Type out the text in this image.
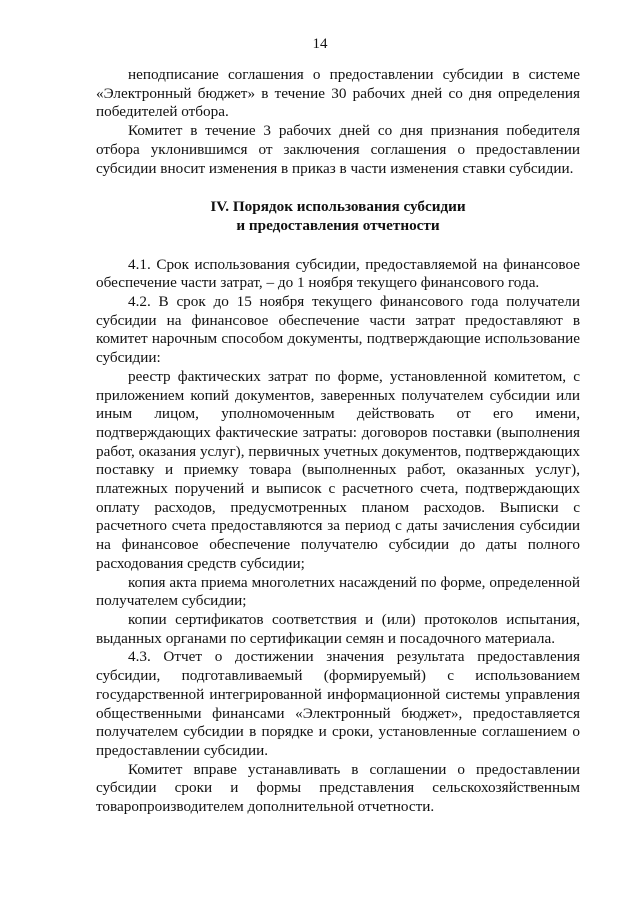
14

неподписание соглашения о предоставлении субсидии в системе «Электронный бюджет» в течение 30 рабочих дней со дня определения победителей отбора.

Комитет в течение 3 рабочих дней со дня признания победителя отбора уклонившимся от заключения соглашения о предоставлении субсидии вносит изменения в приказ в части изменения ставки субсидии.

IV. Порядок использования субсидии
и предоставления отчетности

4.1. Срок использования субсидии, предоставляемой на финансовое обеспечение части затрат, – до 1 ноября текущего финансового года.

4.2. В срок до 15 ноября текущего финансового года получатели субсидии на финансовое обеспечение части затрат предоставляют в комитет нарочным способом документы, подтверждающие использование субсидии:

реестр фактических затрат по форме, установленной комитетом, с приложением копий документов, заверенных получателем субсидии или иным лицом, уполномоченным действовать от его имени, подтверждающих фактические затраты: договоров поставки (выполнения работ, оказания услуг), первичных учетных документов, подтверждающих поставку и приемку товара (выполненных работ, оказанных услуг), платежных поручений и выписок с расчетного счета, подтверждающих оплату расходов, предусмотренных планом расходов. Выписки с расчетного счета предоставляются за период с даты зачисления субсидии на финансовое обеспечение получателю субсидии до даты полного расходования средств субсидии;

копия акта приема многолетних насаждений по форме, определенной получателем субсидии;

копии сертификатов соответствия и (или) протоколов испытания, выданных органами по сертификации семян и посадочного материала.

4.3. Отчет о достижении значения результата предоставления субсидии, подготавливаемый (формируемый) с использованием государственной интегрированной информационной системы управления общественными финансами «Электронный бюджет», предоставляется получателем субсидии в порядке и сроки, установленные соглашением о предоставлении субсидии.

Комитет вправе устанавливать в соглашении о предоставлении субсидии сроки и формы представления сельскохозяйственным товаропроизводителем дополнительной отчетности.
